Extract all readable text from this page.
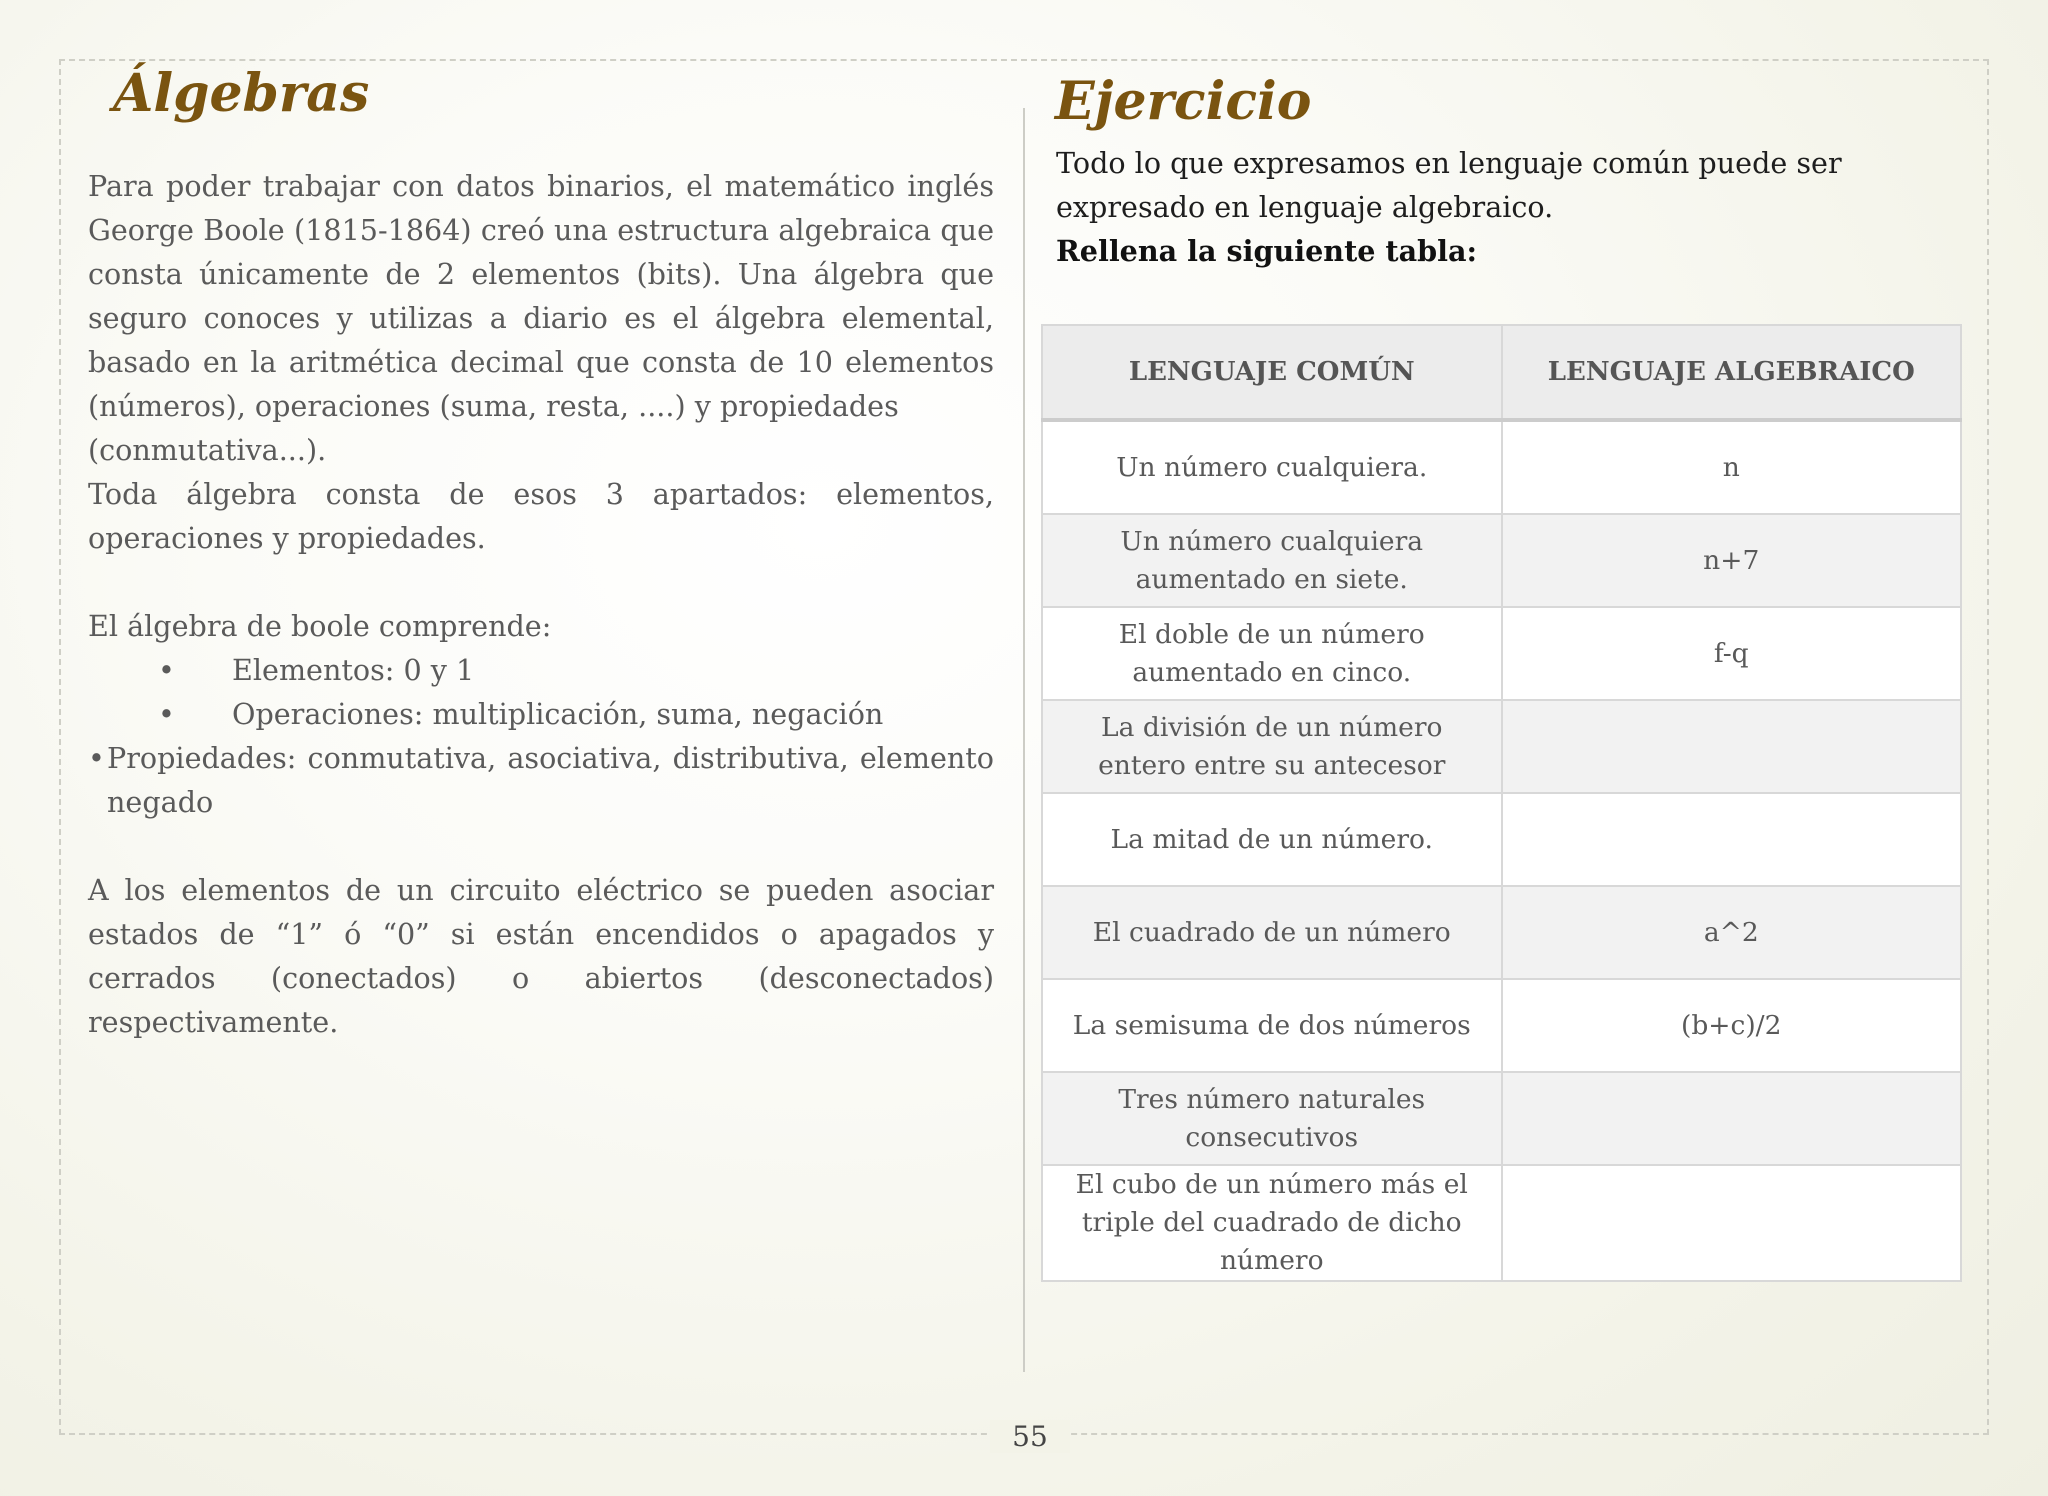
Álgebras

Para poder trabajar con datos binarios, el matemático inglés George Boole (1815-1864) creó una estructura algebraica que consta únicamente de 2 elementos (bits). Una álgebra que seguro conoces y utilizas a diario es el álgebra elemental, basado en la aritmética decimal que consta de 10 elementos (números), operaciones (suma, resta, ....) y propiedades

(conmutativa...).

Toda álgebra consta de esos 3 apartados: elementos, operaciones y propiedades.

El álgebra de boole comprende:

• Elementos: 0 y 1
• Operaciones: multiplicación, suma, negación
• Propiedades: conmutativa, asociativa, distributiva, elemento negado

A los elementos de un circuito eléctrico se pueden asociar estados de “1” ó “0” si están encendidos o apagados y cerrados (conectados) o abiertos (desconectados) respectivamente.

Ejercicio

Todo lo que expresamos en lenguaje común puede ser expresado en lenguaje algebraico.

Rellena la siguiente tabla:

LENGUAJE COMÚN	LENGUAJE ALGEBRAICO
Un número cualquiera.	n
Un número cualquiera aumentado en siete.	n+7
El doble de un número aumentado en cinco.	f-q
La división de un número entero entre su antecesor	
La mitad de un número.	
El cuadrado de un número	a^2
La semisuma de dos números	(b+c)/2
Tres número naturales consecutivos	
El cubo de un número más el triple del cuadrado de dicho número	
55
